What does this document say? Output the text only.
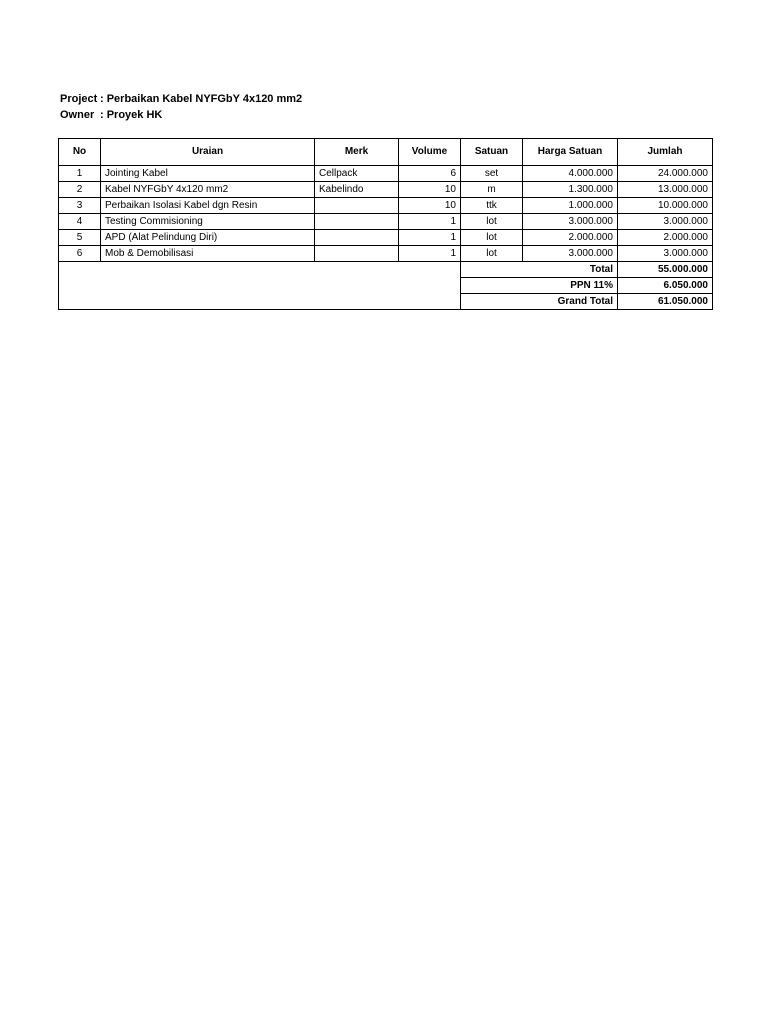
Project : Perbaikan Kabel NYFGbY 4x120 mm2
Owner : Proyek HK
No	Uraian	Merk	Volume	Satuan	Harga Satuan	Jumlah
1	Jointing Kabel	Cellpack	6	set	4.000.000	24.000.000
2	Kabel NYFGbY 4x120 mm2	Kabelindo	10	m	1.300.000	13.000.000
3	Perbaikan Isolasi Kabel dgn Resin		10	ttk	1.000.000	10.000.000
4	Testing Commisioning		1	lot	3.000.000	3.000.000
5	APD (Alat Pelindung Diri)		1	lot	2.000.000	2.000.000
6	Mob & Demobilisasi		1	lot	3.000.000	3.000.000
				Total		55.000.000
				PPN 11%		6.050.000
				Grand Total		61.050.000
